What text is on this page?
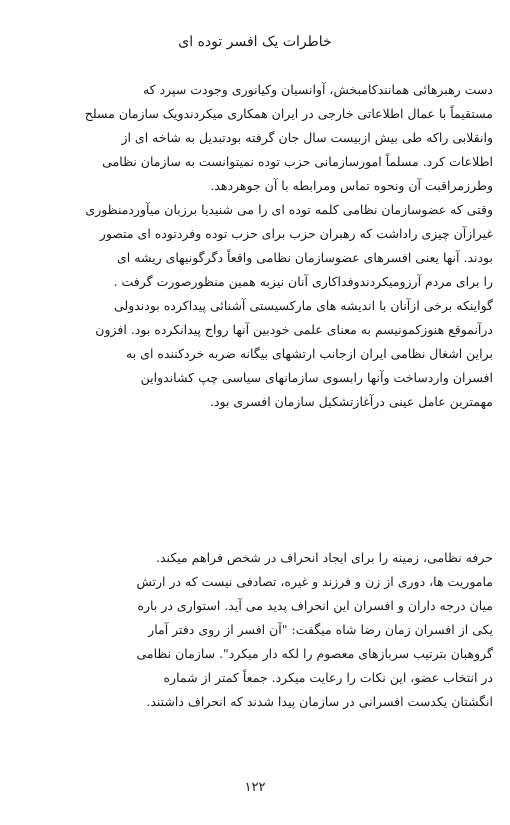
خاطرات یک افسر توده ای
دست رهبرهائی همانندکامبخش، آوانسیان وکیانوری وجودت سپرد که
مستقیماً با عمال اطلاعاتی خارجی در ایران همکاری میکردندویک سازمان مسلح
وانقلابی راکه طی بیش ازبیست سال جان گرفته بودتبدیل به شاخه ای از
اطلاعات کرد. مسلماً امورسازمانی حزب توده نمیتوانست به سازمان نظامی
وطرزمراقبت آن ونحوه تماس ومرابطه با آن جوهردهد.
وقتی که عضوسازمان نظامی کلمه توده ای را می شنیدیا برزبان میآوردمنظوری
غیرازآن چیزی راداشت که رهبران حزب برای حزب توده وفردتوده ای متصور
بودند. آنها یعنی افسرهای عضوسازمان نظامی واقعاً دگرگونیهای ریشه ای
را برای مردم آرزومیکردندوفداکاری آنان نیزبه همین منظورصورت گرفت .
گواینکه برخی ازآنان با اندیشه های مارکسیستی آشنائی پیداکرده بودندولی
درآنموقع هنوزکمونیسم به معنای علمی خودبین آنها رواج پیدانکرده بود. افزون
براین اشغال نظامی ایران ازجانب ارتشهای بیگانه ضربه خردکننده ای به
افسران واردساخت وآنها رابسوی سازمانهای سیاسی چپ کشاندواین
مهمترین عامل عینی درآغازتشکیل سازمان افسری بود.
حرفه نظامی، زمینه را برای ایجاد انحراف در شخص فراهم میکند.
ماموریت ها، دوری از زن و فرزند و غیره، تصادفی نیست که در ارتش
میان درجه داران و افسران این انحراف پدید می آید. استواری در باره
یکی از افسران زمان رضا شاه میگفت: "آن افسر از روی دفتر آمار
گروهبان بترتیب سربازهای معصوم را لکه دار میکرد". سازمان نظامی
در انتخاب عضو، این نکات را رعایت میکرد. جمعاً کمتر از شماره
انگشتان یکدست افسرانی در سازمان پیدا شدند که انحراف داشتند.
۱۲۲
